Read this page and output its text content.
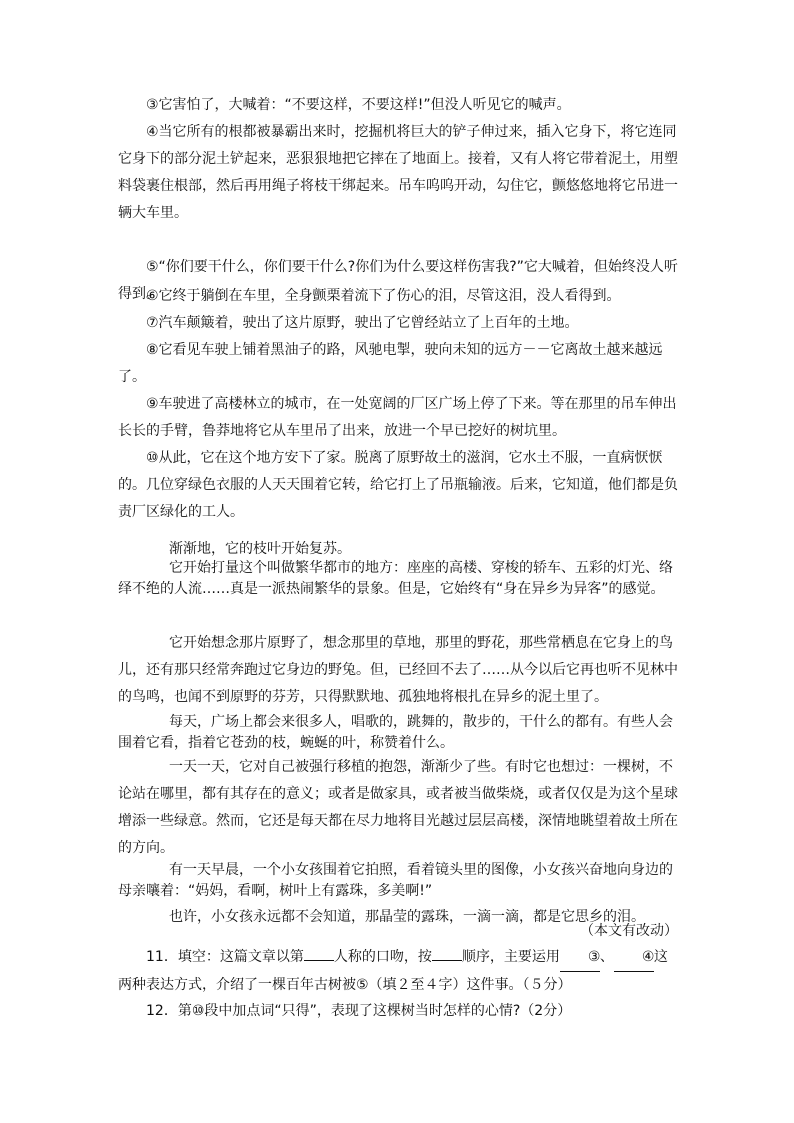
③它害怕了，大喊着：“不要这样，不要这样!”但没人听见它的喊声。

④当它所有的根都被暴霸出来时，挖掘机将巨大的铲子伸过来，插入它身下，将它连同它身下的部分泥土铲起来，恶狠狠地把它摔在了地面上。接着，又有人将它带着泥土，用塑料袋裹住根部，然后再用绳子将枝干绑起来。吊车呜呜开动，勾住它，颤悠悠地将它吊进一辆大车里。

⑤“你们要干什么，你们要干什么?你们为什么要这样伤害我?”它大喊着，但始终没人听得到。

⑥它终于躺倒在车里，全身颤栗着流下了伤心的泪，尽管这泪，没人看得到。

⑦汽车颠簸着，驶出了这片原野，驶出了它曾经站立了上百年的土地。

⑧它看见车驶上铺着黑油子的路，风驰电掣，驶向未知的远方－－它离故土越来越远了。

⑨车驶进了高楼林立的城市，在一处宽阔的厂区广场上停了下来。等在那里的吊车伸出长长的手臂，鲁莽地将它从车里吊了出来，放进一个早已挖好的树坑里。

⑩从此，它在这个地方安下了家。脱离了原野故土的滋润，它水土不服，一直病恹恹的。几位穿绿色衣服的人天天围着它转，给它打上了吊瓶输液。后来，它知道，他们都是负责厂区绿化的工人。

渐渐地，它的枝叶开始复苏。

它开始打量这个叫做繁华都市的地方：座座的高楼、穿梭的轿车、五彩的灯光、络绎不绝的人流……真是一派热闹繁华的景象。但是，它始终有“身在异乡为异客”的感觉。

它开始想念那片原野了，想念那里的草地，那里的野花，那些常栖息在它身上的鸟儿，还有那只经常奔跑过它身边的野兔。但，已经回不去了……从今以后它再也听不见林中的鸟鸣，也闻不到原野的芬芳，只得默默地、孤独地将根扎在异乡的泥土里了。

每天，广场上都会来很多人，唱歌的，跳舞的，散步的，干什么的都有。有些人会围着它看，指着它苍劲的枝，蜿蜒的叶，称赞着什么。

一天一天，它对自己被强行移植的抱怨，渐渐少了些。有时它也想过：一棵树，不论站在哪里，都有其存在的意义；或者是做家具，或者被当做柴烧，或者仅仅是为这个星球增添一些绿意。然而，它还是每天都在尽力地将目光越过层层高楼，深情地眺望着故土所在的方向。

有一天早晨，一个小女孩围着它拍照，看着镜头里的图像，小女孩兴奋地向身边的母亲嚷着：“妈妈，看啊，树叶上有露珠，多美啊!”

也许，小女孩永远都不会知道，那晶莹的露珠，一滴一滴，都是它思乡的泪。

（本文有改动）

11．填空：这篇文章以第 人称的口吻，按 顺序，主要运用 ③、 ④这两种表达方式，介绍了一棵百年古树被⑤（填２至４字）这件事。（５分）

12．第⑩段中加点词“只得”，表现了这棵树当时怎样的心情?（2分）
